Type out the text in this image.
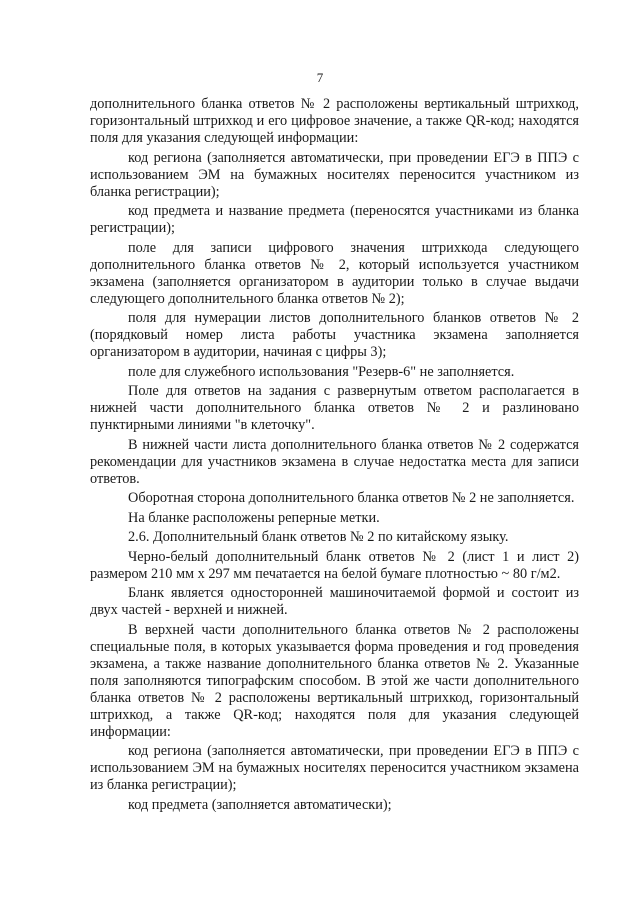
7

дополнительного бланка ответов № 2 расположены вертикальный штрихкод, горизонтальный штрихкод и его цифровое значение, а также QR-код; находятся поля для указания следующей информации:

код региона (заполняется автоматически, при проведении ЕГЭ в ППЭ с использованием ЭМ на бумажных носителях переносится участником из бланка регистрации);

код предмета и название предмета (переносятся участниками из бланка регистрации);

поле для записи цифрового значения штрихкода следующего дополнительного бланка ответов № 2, который используется участником экзамена (заполняется организатором в аудитории только в случае выдачи следующего дополнительного бланка ответов № 2);

поля для нумерации листов дополнительного бланков ответов № 2 (порядковый номер листа работы участника экзамена заполняется организатором в аудитории, начиная с цифры 3);

поле для служебного использования "Резерв-6" не заполняется.

Поле для ответов на задания с развернутым ответом располагается в нижней части дополнительного бланка ответов № 2 и разлиновано пунктирными линиями "в клеточку".

В нижней части листа дополнительного бланка ответов № 2 содержатся рекомендации для участников экзамена в случае недостатка места для записи ответов.

Оборотная сторона дополнительного бланка ответов № 2 не заполняется.

На бланке расположены реперные метки.

2.6. Дополнительный бланк ответов № 2 по китайскому языку.

Черно-белый дополнительный бланк ответов № 2 (лист 1 и лист 2) размером 210 мм х 297 мм печатается на белой бумаге плотностью ~ 80 г/м2.

Бланк является односторонней машиночитаемой формой и состоит из двух частей - верхней и нижней.

В верхней части дополнительного бланка ответов № 2 расположены специальные поля, в которых указывается форма проведения и год проведения экзамена, а также название дополнительного бланка ответов № 2. Указанные поля заполняются типографским способом. В этой же части дополнительного бланка ответов № 2 расположены вертикальный штрихкод, горизонтальный штрихкод, а также QR-код; находятся поля для указания следующей информации:

код региона (заполняется автоматически, при проведении ЕГЭ в ППЭ с использованием ЭМ на бумажных носителях переносится участником экзамена из бланка регистрации);

код предмета (заполняется автоматически);
